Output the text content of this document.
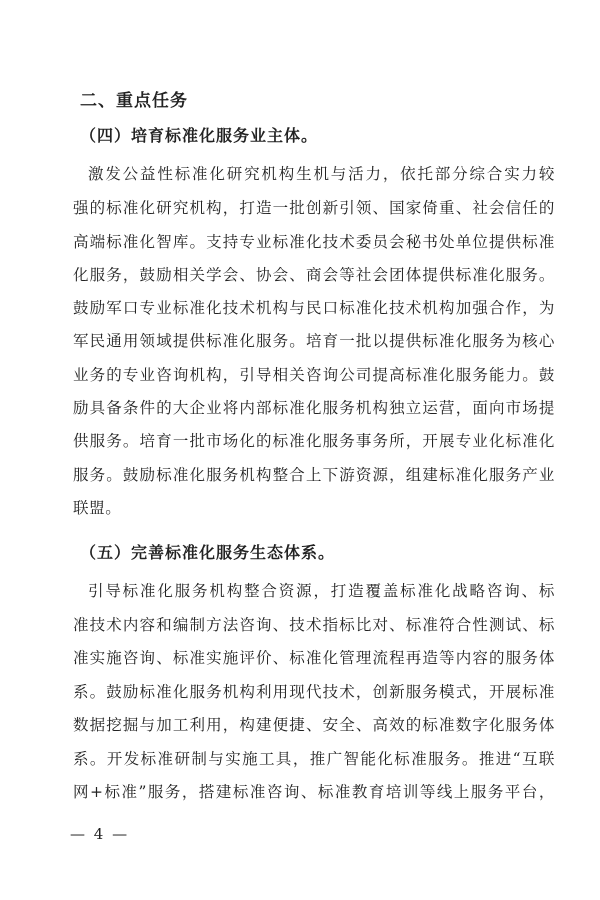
二、重点任务
（四）培育标准化服务业主体。
激发公益性标准化研究机构生机与活力，依托部分综合实力较
强的标准化研究机构，打造一批创新引领、国家倚重、社会信任的
高端标准化智库。支持专业标准化技术委员会秘书处单位提供标准
化服务，鼓励相关学会、协会、商会等社会团体提供标准化服务。
鼓励军口专业标准化技术机构与民口标准化技术机构加强合作，为
军民通用领域提供标准化服务。培育一批以提供标准化服务为核心
业务的专业咨询机构，引导相关咨询公司提高标准化服务能力。鼓
励具备条件的大企业将内部标准化服务机构独立运营，面向市场提
供服务。培育一批市场化的标准化服务事务所，开展专业化标准化
服务。鼓励标准化服务机构整合上下游资源，组建标准化服务产业
联盟。
（五）完善标准化服务生态体系。
引导标准化服务机构整合资源，打造覆盖标准化战略咨询、标
准技术内容和编制方法咨询、技术指标比对、标准符合性测试、标
准实施咨询、标准实施评价、标准化管理流程再造等内容的服务体
系。鼓励标准化服务机构利用现代技术，创新服务模式，开展标准
数据挖掘与加工利用，构建便捷、安全、高效的标准数字化服务体
系。开发标准研制与实施工具，推广智能化标准服务。推进“互联
网+标准”服务，搭建标准咨询、标准教育培训等线上服务平台，
— 4 —
